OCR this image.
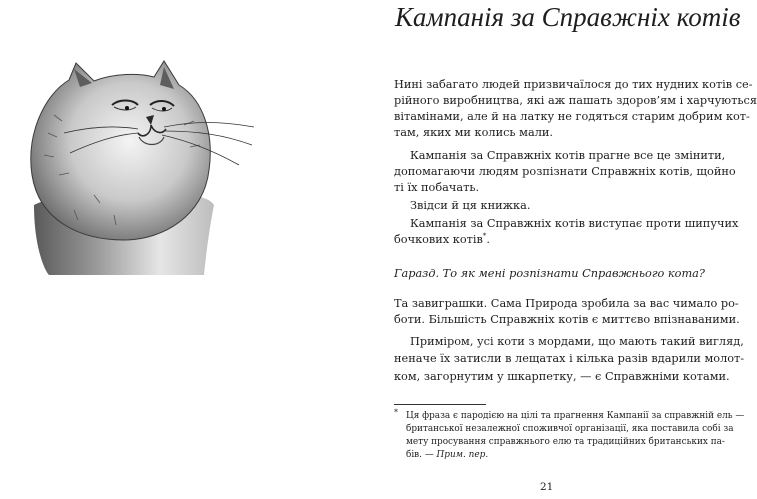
Кампанія за Справжніх котів
Нині забагато людей призвичаїлося до тих нудних котів се-
рійного виробництва, які аж пашать здоров’ям і харчуються
вітамінами, але й на латку не годяться старим добрим кот-
там, яких ми колись мали.
Кампанія за Справжніх котів прагне все це змінити,
допомагаючи людям розпізнати Справжніх котів, щойно
ті їх побачать.
Звідси й ця книжка.
Кампанія за Справжніх котів виступає проти шипучих
бочкових котів*.
Гаразд. То як мені розпізнати Справжнього кота?
Та завиграшки. Сама Природа зробила за вас чимало ро-
боти. Більшість Справжніх котів є миттєво впізнаваними.
Приміром, усі коти з мордами, що мають такий вигляд,
неначе їх затисли в лещатах і кілька разів вдарили молот-
ком, загорнутим у шкарпетку, — є Справжніми котами.
* Ця фраза є пародією на цілі та прагнення Кампанії за справжній ель —
британської незалежної споживчої організації, яка поставила собі за
мету просування справжнього елю та традиційних британських па-
бів. — Прим. пер.
21
